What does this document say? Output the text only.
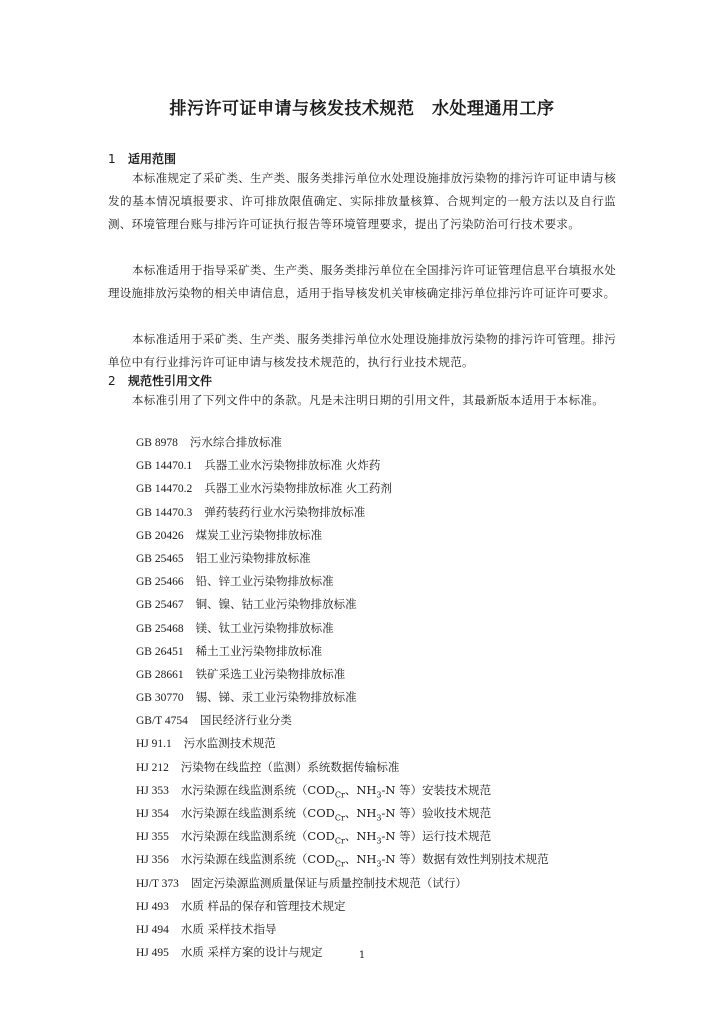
排污许可证申请与核发技术规范　水处理通用工序
1 适用范围
本标准规定了采矿类、生产类、服务类排污单位水处理设施排放污染物的排污许可证申请与核发的基本情况填报要求、许可排放限值确定、实际排放量核算、合规判定的一般方法以及自行监测、环境管理台账与排污许可证执行报告等环境管理要求，提出了污染防治可行技术要求。
本标准适用于指导采矿类、生产类、服务类排污单位在全国排污许可证管理信息平台填报水处理设施排放污染物的相关申请信息，适用于指导核发机关审核确定排污单位排污许可证许可要求。
本标准适用于采矿类、生产类、服务类排污单位水处理设施排放污染物的排污许可管理。排污单位中有行业排污许可证申请与核发技术规范的，执行行业技术规范。
2 规范性引用文件
本标准引用了下列文件中的条款。凡是未注明日期的引用文件，其最新版本适用于本标准。
GB 8978 污水综合排放标准
GB 14470.1 兵器工业水污染物排放标准 火炸药
GB 14470.2 兵器工业水污染物排放标准 火工药剂
GB 14470.3 弹药装药行业水污染物排放标准
GB 20426 煤炭工业污染物排放标准
GB 25465 铝工业污染物排放标准
GB 25466 铅、锌工业污染物排放标准
GB 25467 铜、镍、钴工业污染物排放标准
GB 25468 镁、钛工业污染物排放标准
GB 26451 稀土工业污染物排放标准
GB 28661 铁矿采选工业污染物排放标准
GB 30770 锡、锑、汞工业污染物排放标准
GB/T 4754 国民经济行业分类
HJ 91.1 污水监测技术规范
HJ 212 污染物在线监控（监测）系统数据传输标准
HJ 353 水污染源在线监测系统（$COD_{Cr}$、$NH_3-N$ 等）安装技术规范
HJ 354 水污染源在线监测系统（$COD_{Cr}$、$NH_3-N$ 等）验收技术规范
HJ 355 水污染源在线监测系统（$COD_{Cr}$、$NH_3-N$ 等）运行技术规范
HJ 356 水污染源在线监测系统（$COD_{Cr}$、$NH_3-N$ 等）数据有效性判别技术规范
HJ/T 373 固定污染源监测质量保证与质量控制技术规范（试行）
HJ 493 水质 样品的保存和管理技术规定
HJ 494 水质 采样技术指导
HJ 495 水质 采样方案的设计与规定	1
